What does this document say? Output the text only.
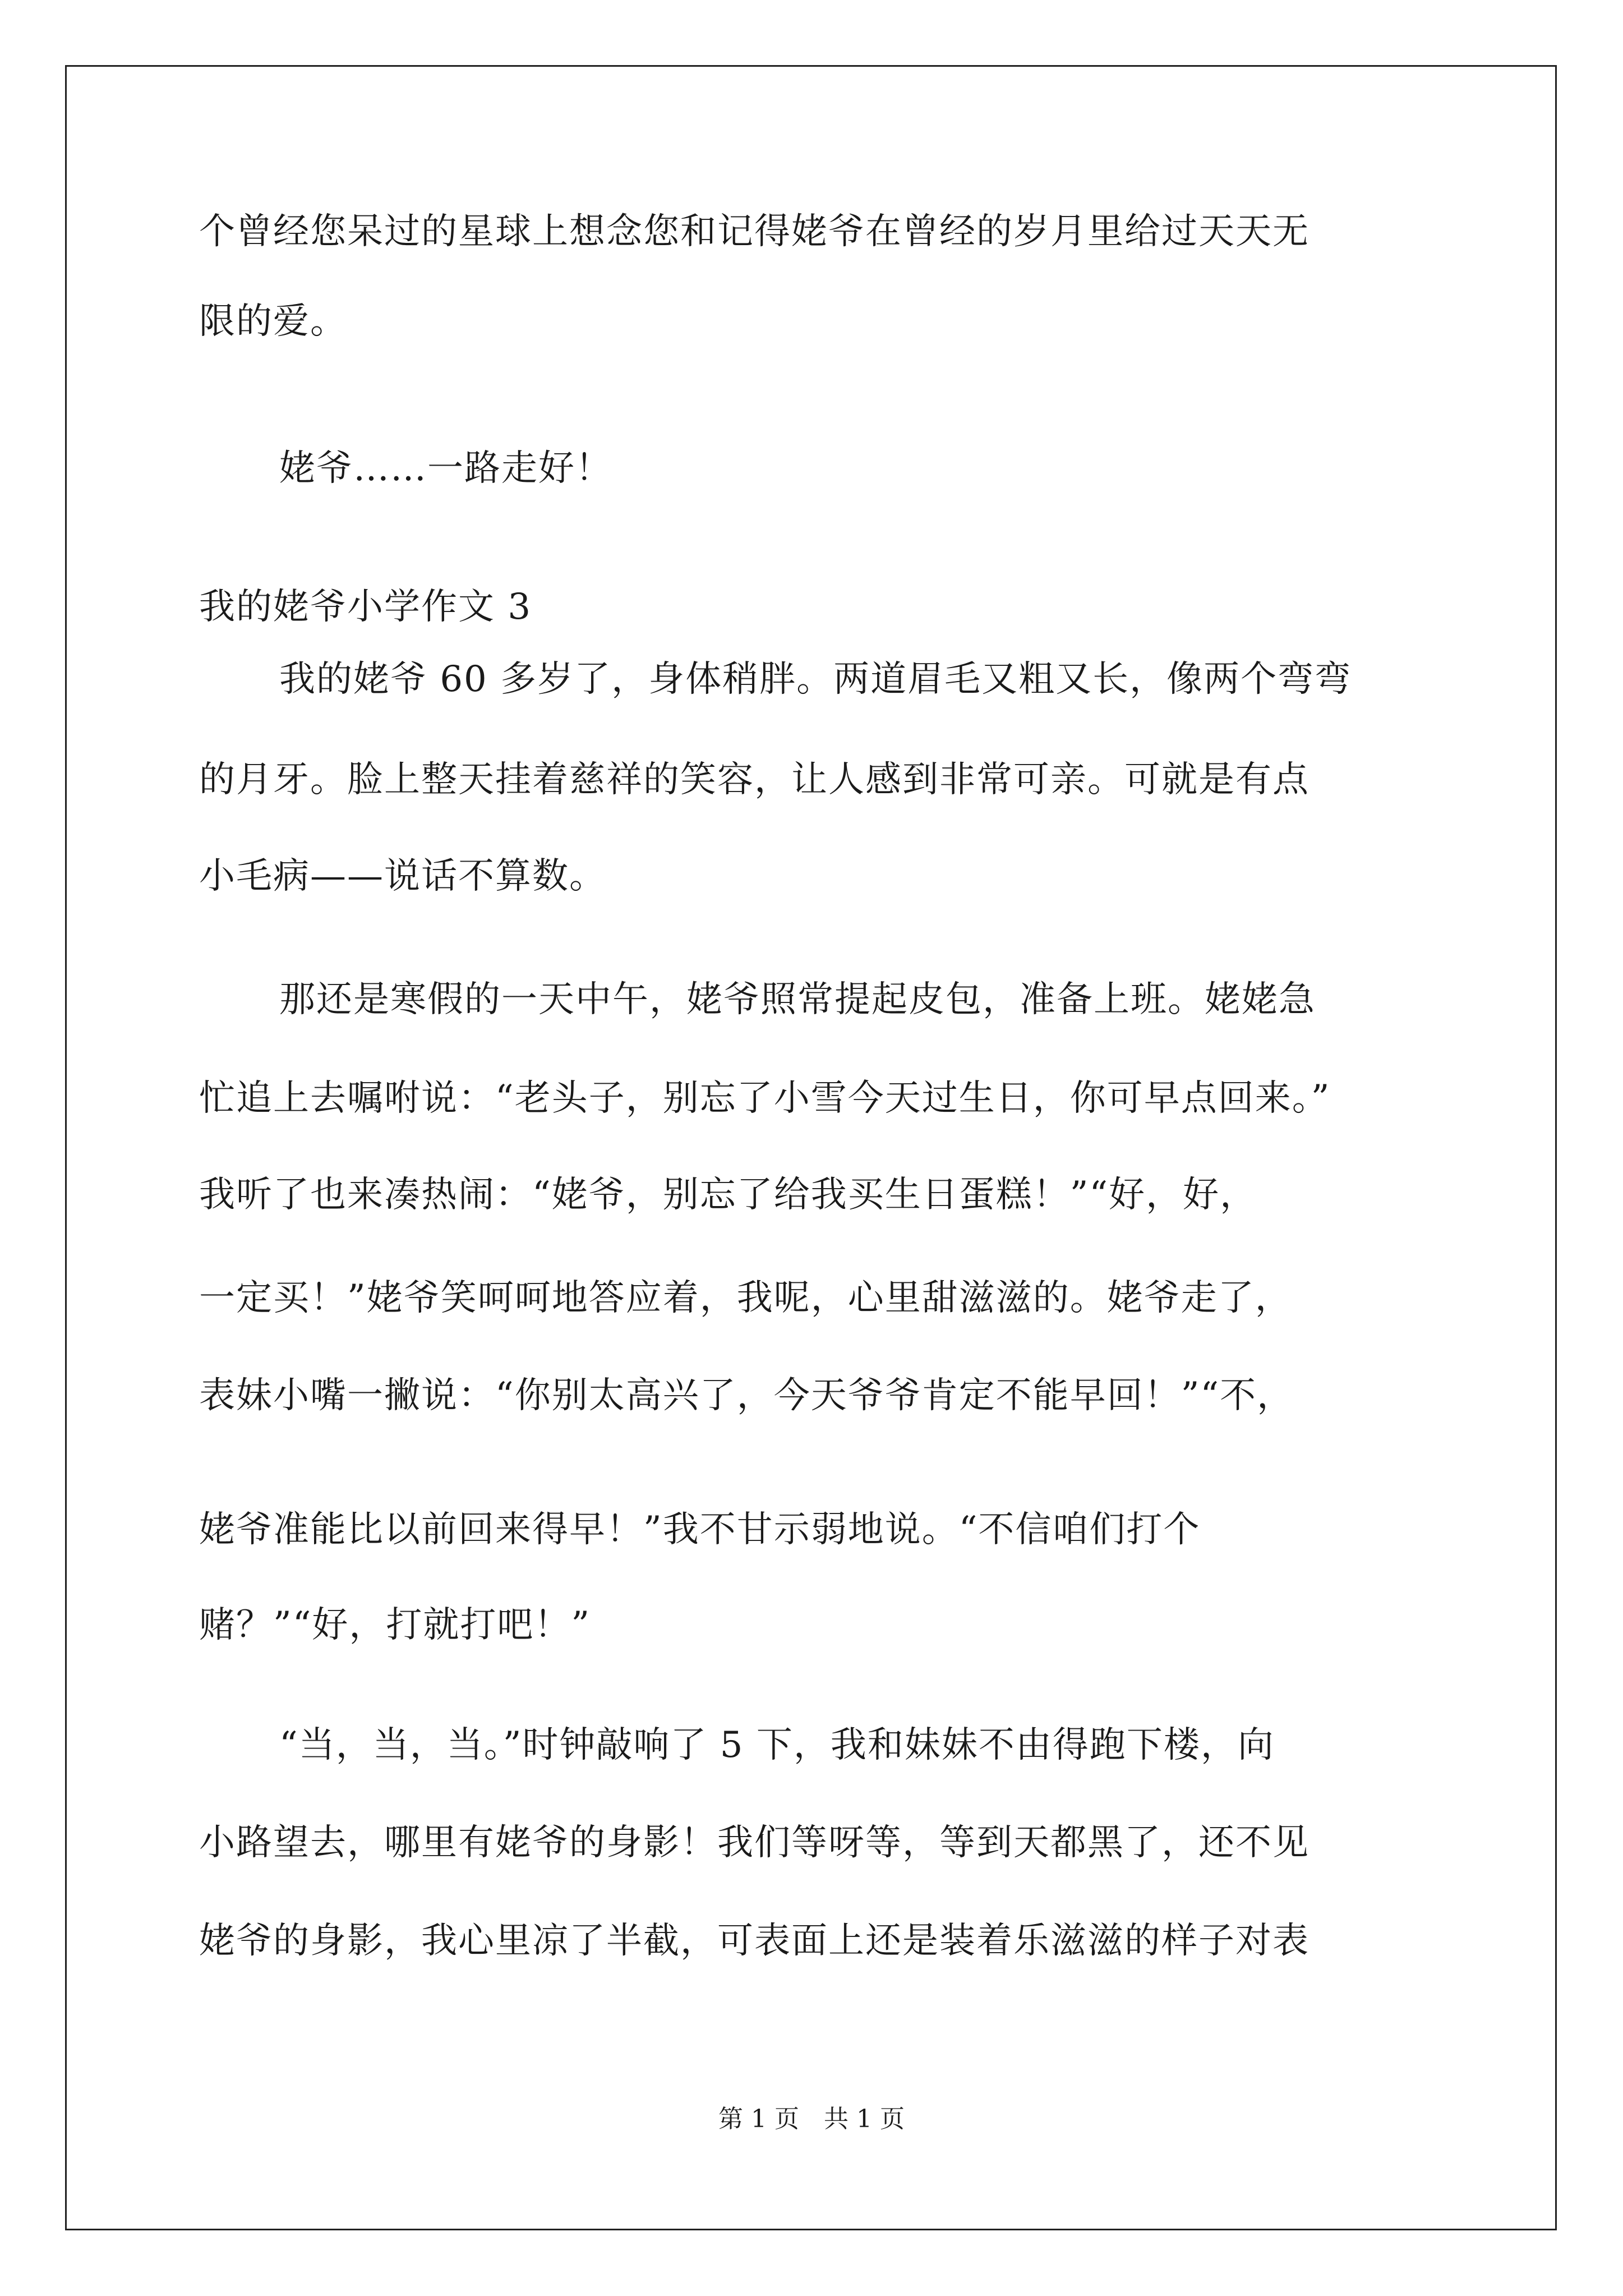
个曾经您呆过的星球上想念您和记得姥爷在曾经的岁月里给过天天无
限的爱。
姥爷……一路走好！
我的姥爷小学作文 3
我的姥爷 60 多岁了，身体稍胖。两道眉毛又粗又长，像两个弯弯
的月牙。脸上整天挂着慈祥的笑容，让人感到非常可亲。可就是有点
小毛病——说话不算数。
那还是寒假的一天中午，姥爷照常提起皮包，准备上班。姥姥急
忙追上去嘱咐说：“老头子，别忘了小雪今天过生日，你可早点回来。”
我听了也来凑热闹：“姥爷，别忘了给我买生日蛋糕！”“好，好，
一定买！”姥爷笑呵呵地答应着，我呢，心里甜滋滋的。姥爷走了，
表妹小嘴一撇说：“你别太高兴了，今天爷爷肯定不能早回！”“不，
姥爷准能比以前回来得早！”我不甘示弱地说。“不信咱们打个
赌？”“好，打就打吧！”
“当，当，当。”时钟敲响了 5 下，我和妹妹不由得跑下楼，向
小路望去，哪里有姥爷的身影！我们等呀等，等到天都黑了，还不见
姥爷的身影，我心里凉了半截，可表面上还是装着乐滋滋的样子对表
第 1 页　共 1 页
